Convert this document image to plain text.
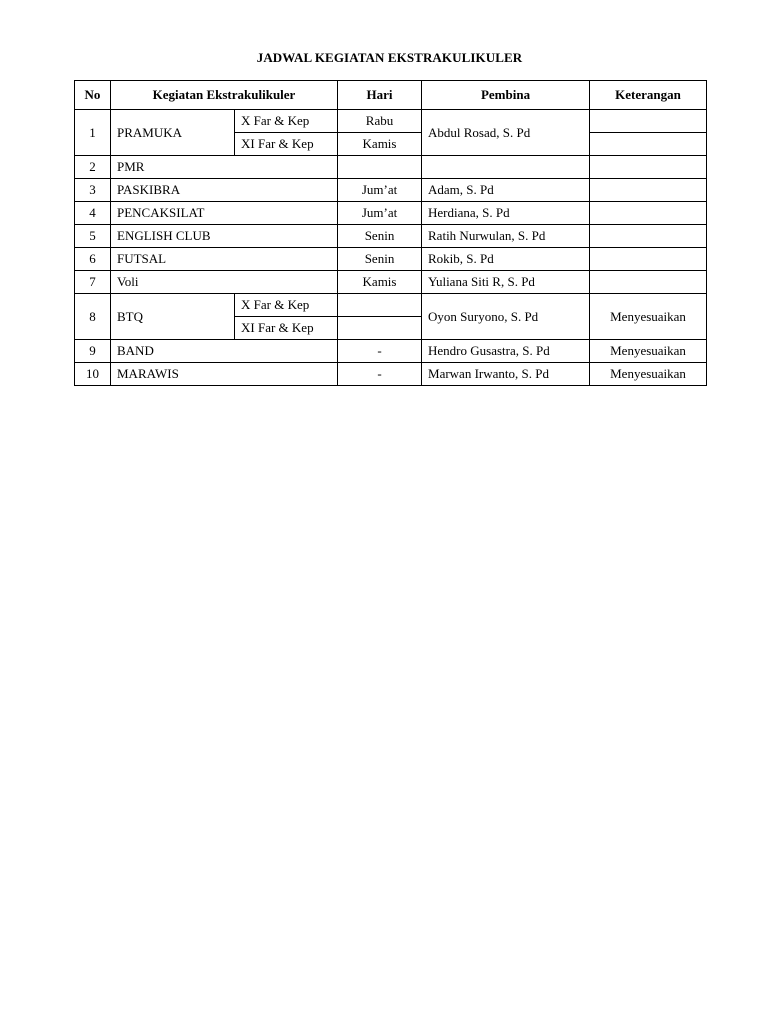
JADWAL KEGIATAN EKSTRAKULIKULER
No	Kegiatan Ekstrakulikuler		Hari	Pembina	Keterangan
1	PRAMUKA	X Far & Kep	Rabu	Abdul Rosad, S. Pd	
		XI Far & Kep	Kamis		
2	PMR				
3	PASKIBRA		Jum’at	Adam, S. Pd	
4	PENCAKSILAT		Jum’at	Herdiana, S. Pd	
5	ENGLISH CLUB		Senin	Ratih Nurwulan, S. Pd	
6	FUTSAL		Senin	Rokib, S. Pd	
7	Voli		Kamis	Yuliana Siti R, S. Pd	
8	BTQ	X Far & Kep		Oyon Suryono, S. Pd	Menyesuaikan
		XI Far & Kep			
9	BAND		-	Hendro Gusastra, S. Pd	Menyesuaikan
10	MARAWIS		-	Marwan Irwanto, S. Pd	Menyesuaikan
